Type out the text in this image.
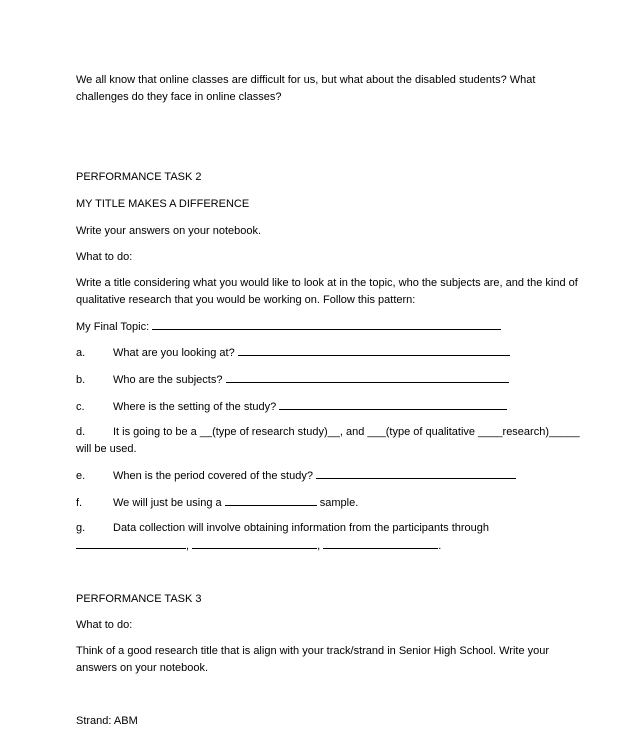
We all know that online classes are difficult for us, but what about the disabled students? What
challenges do they face in online classes?
PERFORMANCE TASK 2
MY TITLE MAKES A DIFFERENCE
Write your answers on your notebook.
What to do:
Write a title considering what you would like to look at in the topic, who the subjects are, and the kind of
qualitative research that you would be working on. Follow this pattern:
My Final Topic:
a.	What are you looking at?
b.	Who are the subjects?
c.	Where is the setting of the study?
d.	It is going to be a __(type of research study)__, and ___(type of qualitative ____research)_____
will be used.
e.	When is the period covered of the study?
f.	We will just be using a	sample.
g.	Data collection will involve obtaining information from the participants through
,	,	.
PERFORMANCE TASK 3
What to do:
Think of a good research title that is align with your track/strand in Senior High School. Write your
answers on your notebook.
Strand: ABM
